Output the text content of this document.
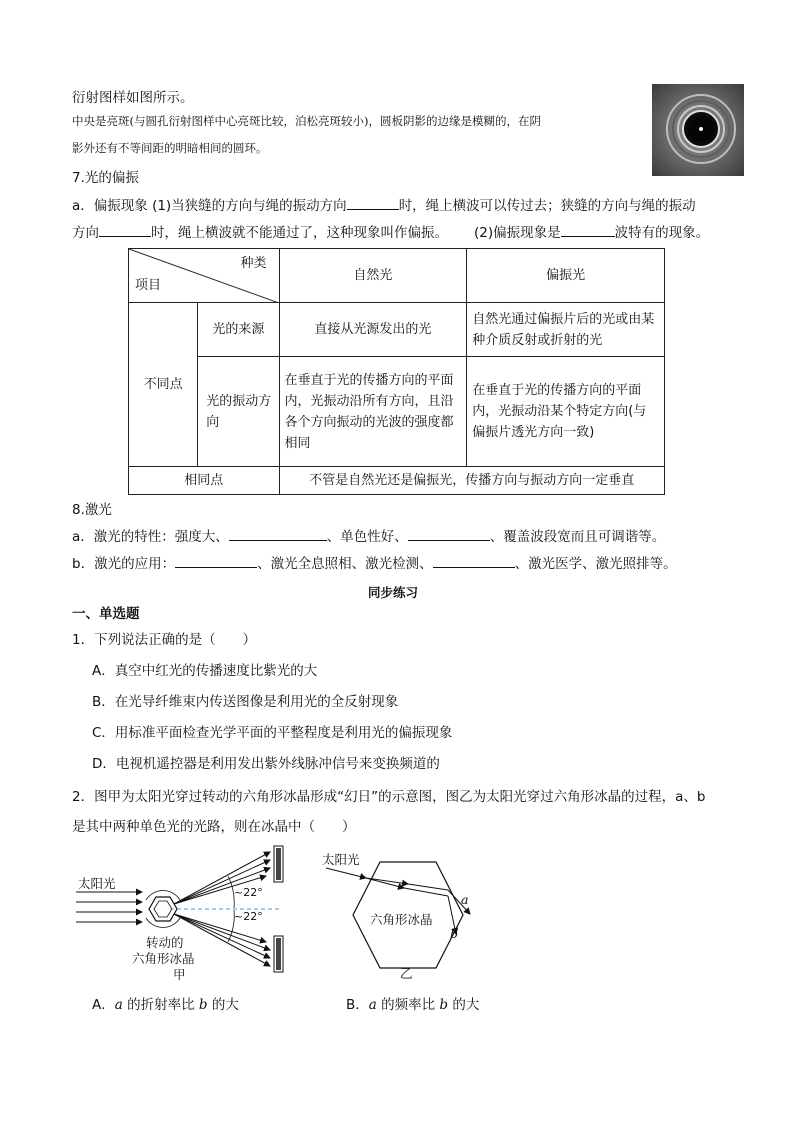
衍射图样如图所示。
中央是亮斑(与圆孔衍射图样中心亮斑比较，泊松亮斑较小)，圆板阴影的边缘是模糊的，在阴
影外还有不等间距的明暗相间的圆环。
7.光的偏振
a．偏振现象 (1)当狭缝的方向与绳的振动方向	时，绳上横波可以传过去；狭缝的方向与绳的振动
方向	时，绳上横波就不能通过了，这种现象叫作偏振。 (2)偏振现象是	波特有的现象。
种类
项目		自然光	偏振光
不同点	光的来源	直接从光源发出的光	自然光通过偏振片后的光或由某种介质反射或折射的光
	光的振动方向	在垂直于光的传播方向的平面内，光振动沿所有方向，且沿各个方向振动的光波的强度都相同	在垂直于光的传播方向的平面内，光振动沿某个特定方向(与偏振片透光方向一致)
相同点		不管是自然光还是偏振光，传播方向与振动方向一定垂直	
8.激光
a．激光的特性：强度大、	、单色性好、	、覆盖波段宽而且可调谐等。
b．激光的应用：	、激光全息照相、激光检测、	、激光医学、激光照排等。
同步练习
一、单选题
1．下列说法正确的是（　　）
A．真空中红光的传播速度比紫光的大
B．在光导纤维束内传送图像是利用光的全反射现象
C．用标准平面检查光学平面的平整程度是利用光的偏振现象
D．电视机遥控器是利用发出紫外线脉冲信号来变换频道的
2．图甲为太阳光穿过转动的六角形冰晶形成“幻日”的示意图，图乙为太阳光穿过六角形冰晶的过程，a、b
是其中两种单色光的光路，则在冰晶中（　　）
太阳光
~22°
~22°
转动的
六角形冰晶
甲
太阳光
六角形冰晶
a
b
乙
A．a 的折射率比 b 的大	B．a 的频率比 b 的大
